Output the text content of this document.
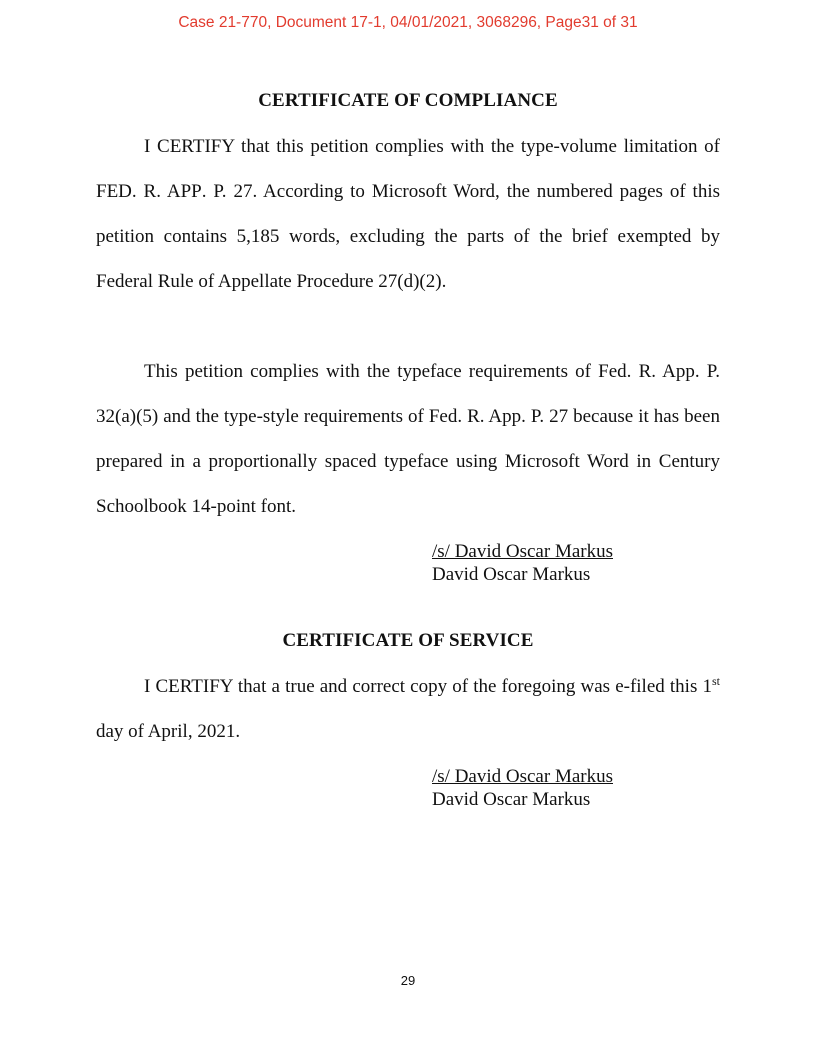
Case 21-770, Document 17-1, 04/01/2021, 3068296, Page31 of 31
CERTIFICATE OF COMPLIANCE

I CERTIFY that this petition complies with the type-volume limitation of FED. R. APP. P. 27. According to Microsoft Word, the numbered pages of this petition contains 5,185 words, excluding the parts of the brief exempted by Federal Rule of Appellate Procedure 27(d)(2).

This petition complies with the typeface requirements of Fed. R. App. P. 32(a)(5) and the type-style requirements of Fed. R. App. P. 27 because it has been prepared in a proportionally spaced typeface using Microsoft Word in Century Schoolbook 14-point font.

/s/ David Oscar Markus
David Oscar Markus
CERTIFICATE OF SERVICE

I CERTIFY that a true and correct copy of the foregoing was e-filed this 1st day of April, 2021.

/s/ David Oscar Markus
David Oscar Markus
29
